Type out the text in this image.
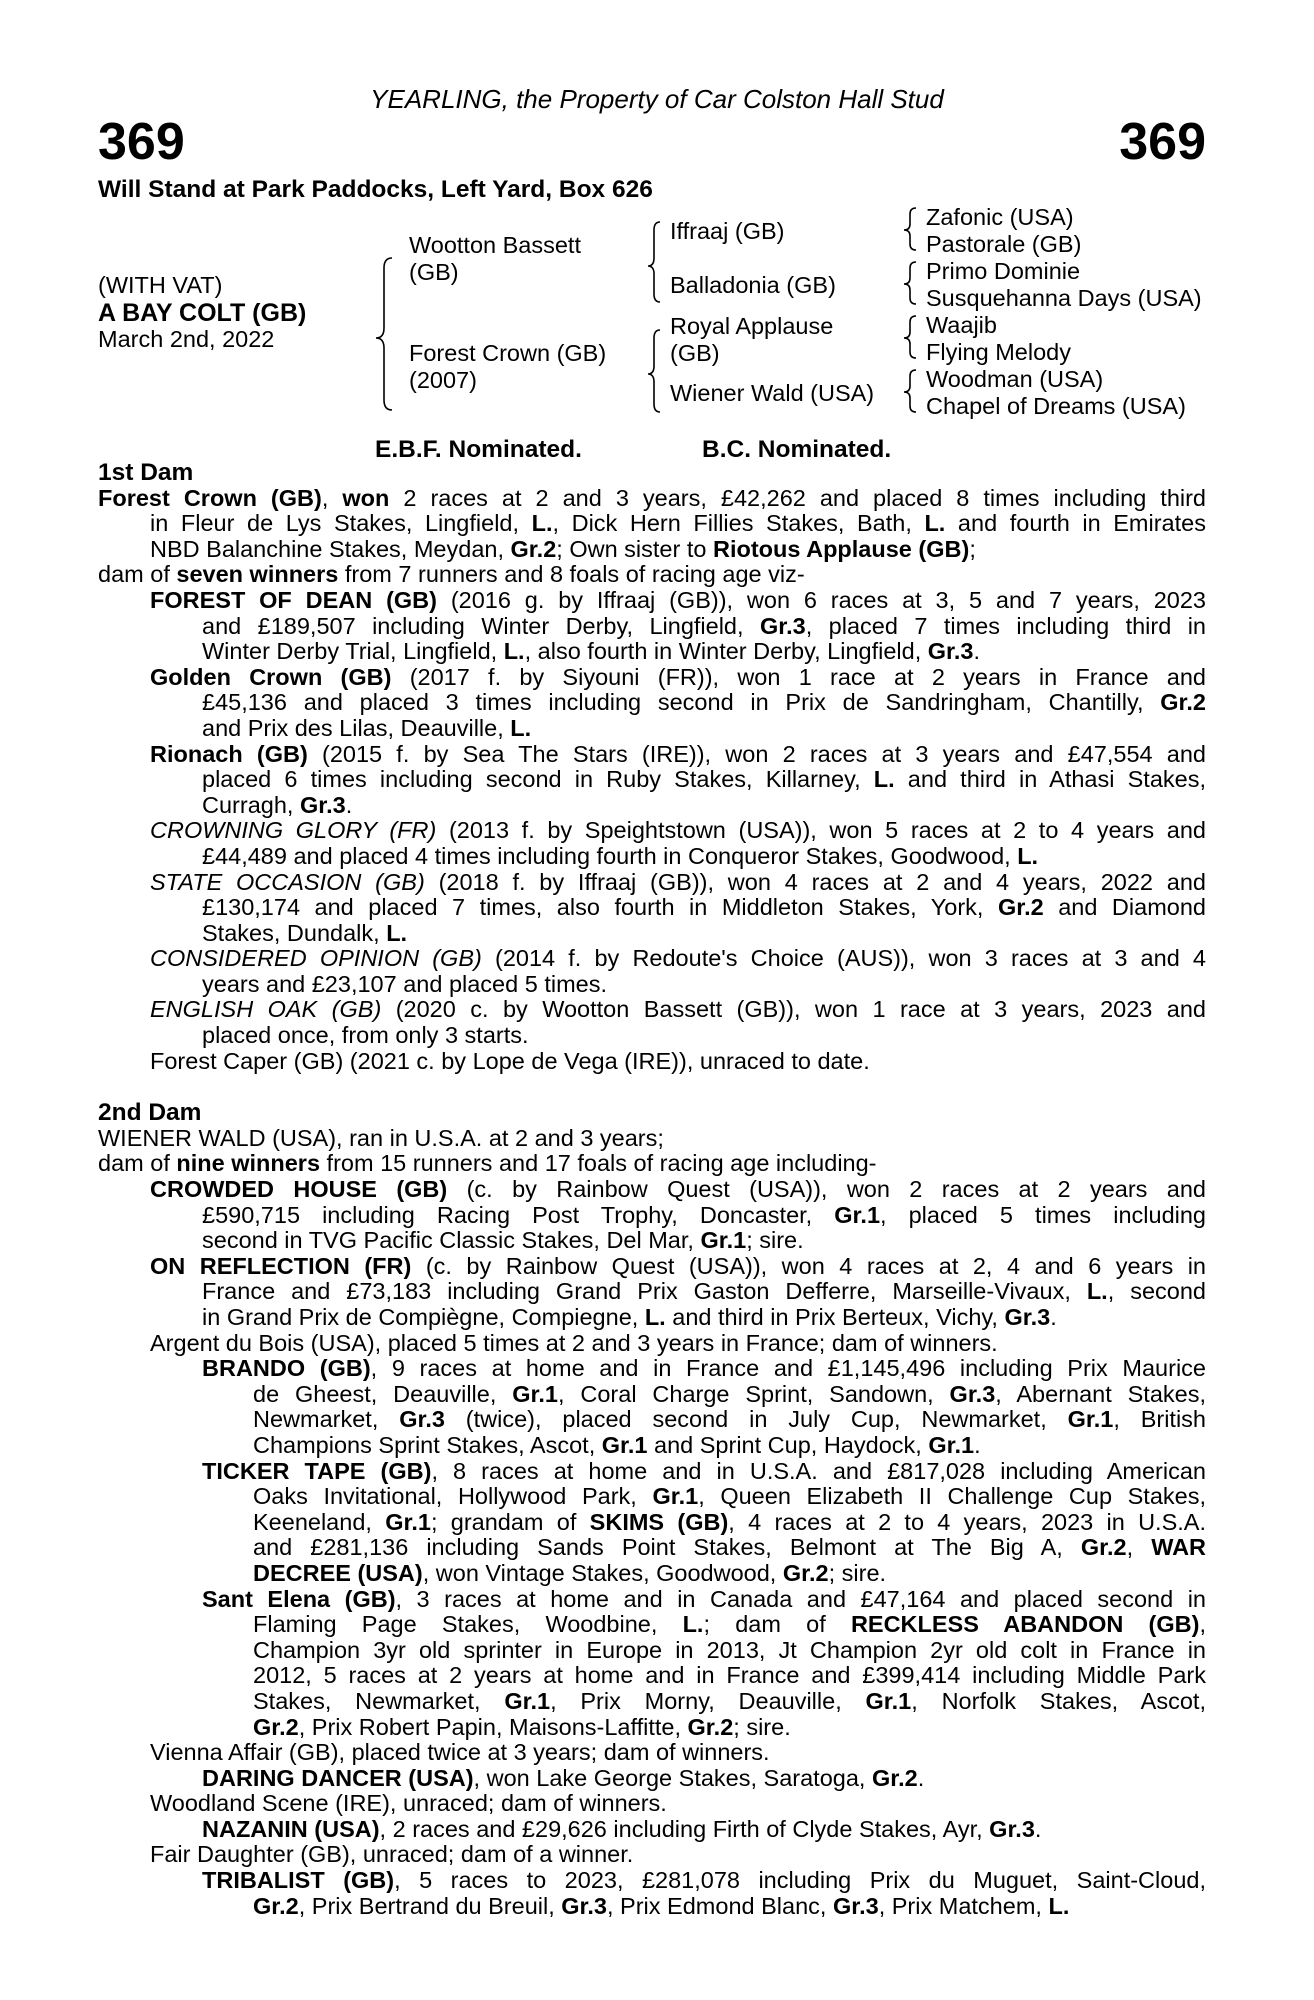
YEARLING, the Property of Car Colston Hall Stud
369	369
Will Stand at Park Paddocks, Left Yard, Box 626
(WITH VAT)
A BAY COLT (GB)
March 2nd, 2022
Wootton Bassett
(GB)
Forest Crown (GB)
(2007)
Iffraaj (GB)
Balladonia (GB)
Royal Applause
(GB)
Wiener Wald (USA)
Zafonic (USA)
Pastorale (GB)
Primo Dominie
Susquehanna Days (USA)
Waajib
Flying Melody
Woodman (USA)
Chapel of Dreams (USA)
E.B.F. Nominated.	B.C. Nominated.
1st Dam
Forest Crown (GB), won 2 races at 2 and 3 years, £42,262 and placed 8 times including third
in Fleur de Lys Stakes, Lingfield, L., Dick Hern Fillies Stakes, Bath, L. and fourth in Emirates
NBD Balanchine Stakes, Meydan, Gr.2; Own sister to Riotous Applause (GB);
dam of seven winners from 7 runners and 8 foals of racing age viz-
FOREST OF DEAN (GB) (2016 g. by Iffraaj (GB)), won 6 races at 3, 5 and 7 years, 2023
and £189,507 including Winter Derby, Lingfield, Gr.3, placed 7 times including third in
Winter Derby Trial, Lingfield, L., also fourth in Winter Derby, Lingfield, Gr.3.
Golden Crown (GB) (2017 f. by Siyouni (FR)), won 1 race at 2 years in France and
£45,136 and placed 3 times including second in Prix de Sandringham, Chantilly, Gr.2
and Prix des Lilas, Deauville, L.
Rionach (GB) (2015 f. by Sea The Stars (IRE)), won 2 races at 3 years and £47,554 and
placed 6 times including second in Ruby Stakes, Killarney, L. and third in Athasi Stakes,
Curragh, Gr.3.
CROWNING GLORY (FR) (2013 f. by Speightstown (USA)), won 5 races at 2 to 4 years and
£44,489 and placed 4 times including fourth in Conqueror Stakes, Goodwood, L.
STATE OCCASION (GB) (2018 f. by Iffraaj (GB)), won 4 races at 2 and 4 years, 2022 and
£130,174 and placed 7 times, also fourth in Middleton Stakes, York, Gr.2 and Diamond
Stakes, Dundalk, L.
CONSIDERED OPINION (GB) (2014 f. by Redoute's Choice (AUS)), won 3 races at 3 and 4
years and £23,107 and placed 5 times.
ENGLISH OAK (GB) (2020 c. by Wootton Bassett (GB)), won 1 race at 3 years, 2023 and
placed once, from only 3 starts.
Forest Caper (GB) (2021 c. by Lope de Vega (IRE)), unraced to date.
2nd Dam
WIENER WALD (USA), ran in U.S.A. at 2 and 3 years;
dam of nine winners from 15 runners and 17 foals of racing age including-
CROWDED HOUSE (GB) (c. by Rainbow Quest (USA)), won 2 races at 2 years and
£590,715 including Racing Post Trophy, Doncaster, Gr.1, placed 5 times including
second in TVG Pacific Classic Stakes, Del Mar, Gr.1; sire.
ON REFLECTION (FR) (c. by Rainbow Quest (USA)), won 4 races at 2, 4 and 6 years in
France and £73,183 including Grand Prix Gaston Defferre, Marseille-Vivaux, L., second
in Grand Prix de Compiègne, Compiegne, L. and third in Prix Berteux, Vichy, Gr.3.
Argent du Bois (USA), placed 5 times at 2 and 3 years in France; dam of winners.
BRANDO (GB), 9 races at home and in France and £1,145,496 including Prix Maurice
de Gheest, Deauville, Gr.1, Coral Charge Sprint, Sandown, Gr.3, Abernant Stakes,
Newmarket, Gr.3 (twice), placed second in July Cup, Newmarket, Gr.1, British
Champions Sprint Stakes, Ascot, Gr.1 and Sprint Cup, Haydock, Gr.1.
TICKER TAPE (GB), 8 races at home and in U.S.A. and £817,028 including American
Oaks Invitational, Hollywood Park, Gr.1, Queen Elizabeth II Challenge Cup Stakes,
Keeneland, Gr.1; grandam of SKIMS (GB), 4 races at 2 to 4 years, 2023 in U.S.A.
and £281,136 including Sands Point Stakes, Belmont at The Big A, Gr.2, WAR
DECREE (USA), won Vintage Stakes, Goodwood, Gr.2; sire.
Sant Elena (GB), 3 races at home and in Canada and £47,164 and placed second in
Flaming Page Stakes, Woodbine, L.; dam of RECKLESS ABANDON (GB),
Champion 3yr old sprinter in Europe in 2013, Jt Champion 2yr old colt in France in
2012, 5 races at 2 years at home and in France and £399,414 including Middle Park
Stakes, Newmarket, Gr.1, Prix Morny, Deauville, Gr.1, Norfolk Stakes, Ascot,
Gr.2, Prix Robert Papin, Maisons-Laffitte, Gr.2; sire.
Vienna Affair (GB), placed twice at 3 years; dam of winners.
DARING DANCER (USA), won Lake George Stakes, Saratoga, Gr.2.
Woodland Scene (IRE), unraced; dam of winners.
NAZANIN (USA), 2 races and £29,626 including Firth of Clyde Stakes, Ayr, Gr.3.
Fair Daughter (GB), unraced; dam of a winner.
TRIBALIST (GB), 5 races to 2023, £281,078 including Prix du Muguet, Saint-Cloud,
Gr.2, Prix Bertrand du Breuil, Gr.3, Prix Edmond Blanc, Gr.3, Prix Matchem, L.
